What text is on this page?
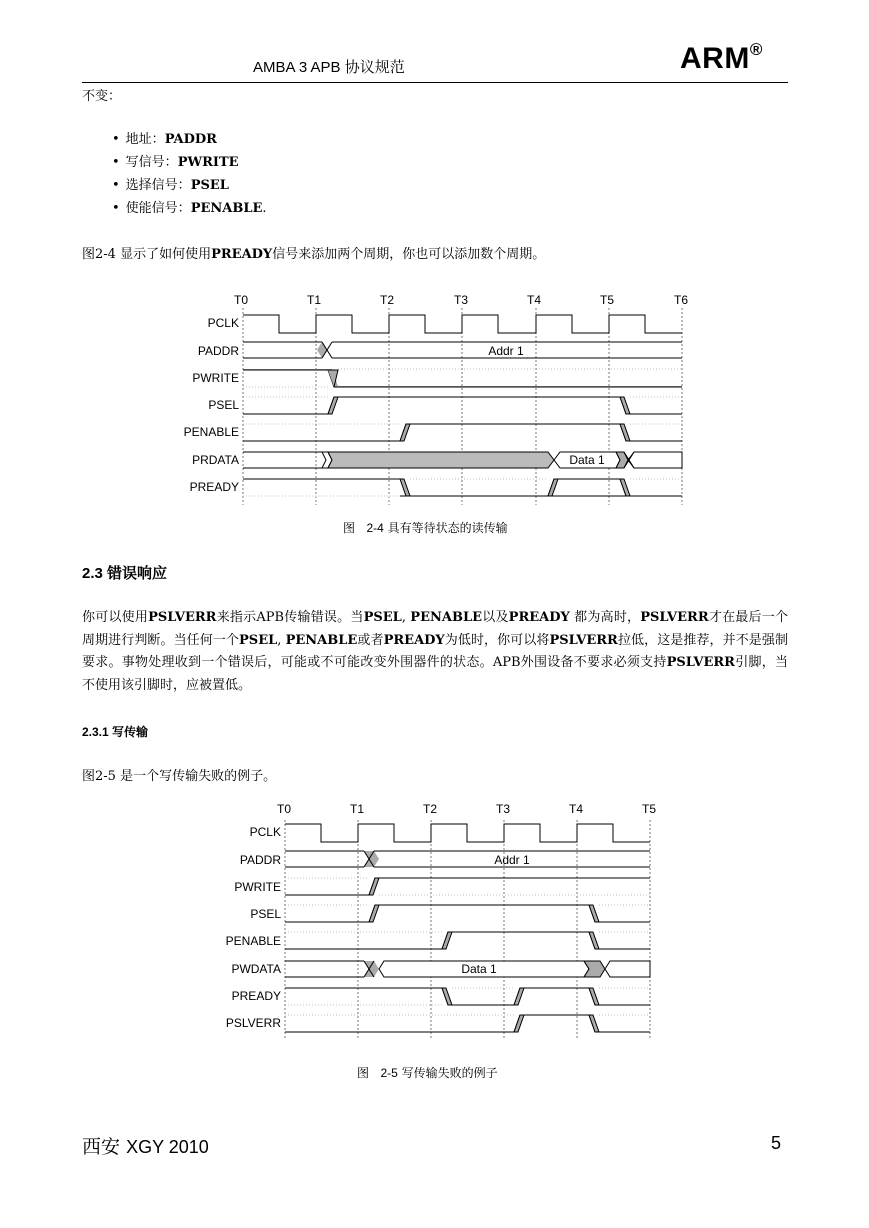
AMBA 3 APB 协议规范	ARM®
不变：
• 地址：PADDR
• 写信号：PWRITE
• 选择信号：PSEL
• 使能信号：PENABLE.
图2-4 显示了如何使用PREADY信号来添加两个周期，你也可以添加数个周期。
T0	T1	T2	T3	T4	T5	T6
PCLK
PADDR
PWRITE
PSEL
PENABLE
PRDATA
PREADY
Addr 1
Data 1
图 2-4 具有等待状态的读传输
2.3 错误响应
你可以使用PSLVERR来指示APB传输错误。当PSEL, PENABLE以及PREADY 都为高时，PSLVERR才在最后一个周期进行判断。当任何一个PSEL, PENABLE或者PREADY为低时，你可以将PSLVERR拉低，这是推荐，并不是强制要求。事物处理收到一个错误后，可能或不可能改变外围器件的状态。APB外围设备不要求必须支持PSLVERR引脚，当不使用该引脚时，应被置低。
2.3.1 写传输
图2-5 是一个写传输失败的例子。
T0	T1	T2	T3	T4	T5
PCLK
PADDR
PWRITE
PSEL
PENABLE
PWDATA
PREADY
PSLVERR
Addr 1
Data 1
图 2-5 写传输失败的例子
西安 XGY 2010	5
